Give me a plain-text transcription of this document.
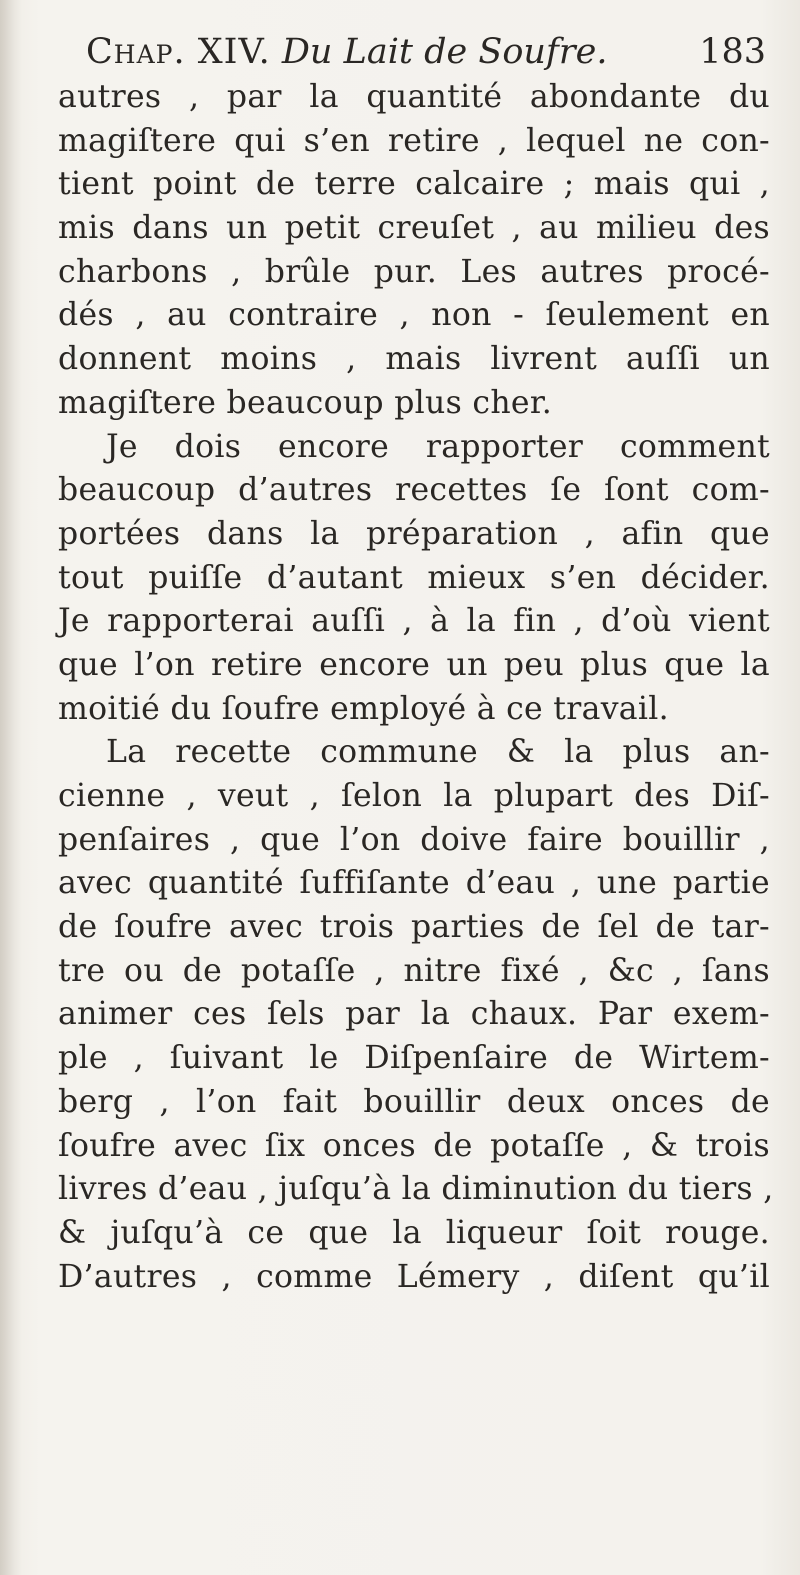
Chap. XIV. Du Lait de Soufre.	183
autres , par la quantité abondante du
magiſtere qui s’en retire , lequel ne con-
tient point de terre calcaire ; mais qui ,
mis dans un petit creuſet , au milieu des
charbons , brûle pur. Les autres procé-
dés , au contraire , non - ſeulement en
donnent moins , mais livrent auſſi un
magiſtere beaucoup plus cher.
Je dois encore rapporter comment
beaucoup d’autres recettes ſe ſont com-
portées dans la préparation , afin que
tout puiſſe d’autant mieux s’en décider.
Je rapporterai auſſi , à la fin , d’où vient
que l’on retire encore un peu plus que la
moitié du ſoufre employé à ce travail.
La recette commune & la plus an-
cienne , veut , ſelon la plupart des Diſ-
penſaires , que l’on doive faire bouillir ,
avec quantité ſuffiſante d’eau , une partie
de ſoufre avec trois parties de ſel de tar-
tre ou de potaſſe , nitre fixé , &c , ſans
animer ces ſels par la chaux. Par exem-
ple , ſuivant le Diſpenſaire de Wirtem-
berg , l’on fait bouillir deux onces de
ſoufre avec ſix onces de potaſſe , & trois
livres d’eau , juſqu’à la diminution du tiers ,
& juſqu’à ce que la liqueur ſoit rouge.
D’autres , comme Lémery , diſent qu’il
